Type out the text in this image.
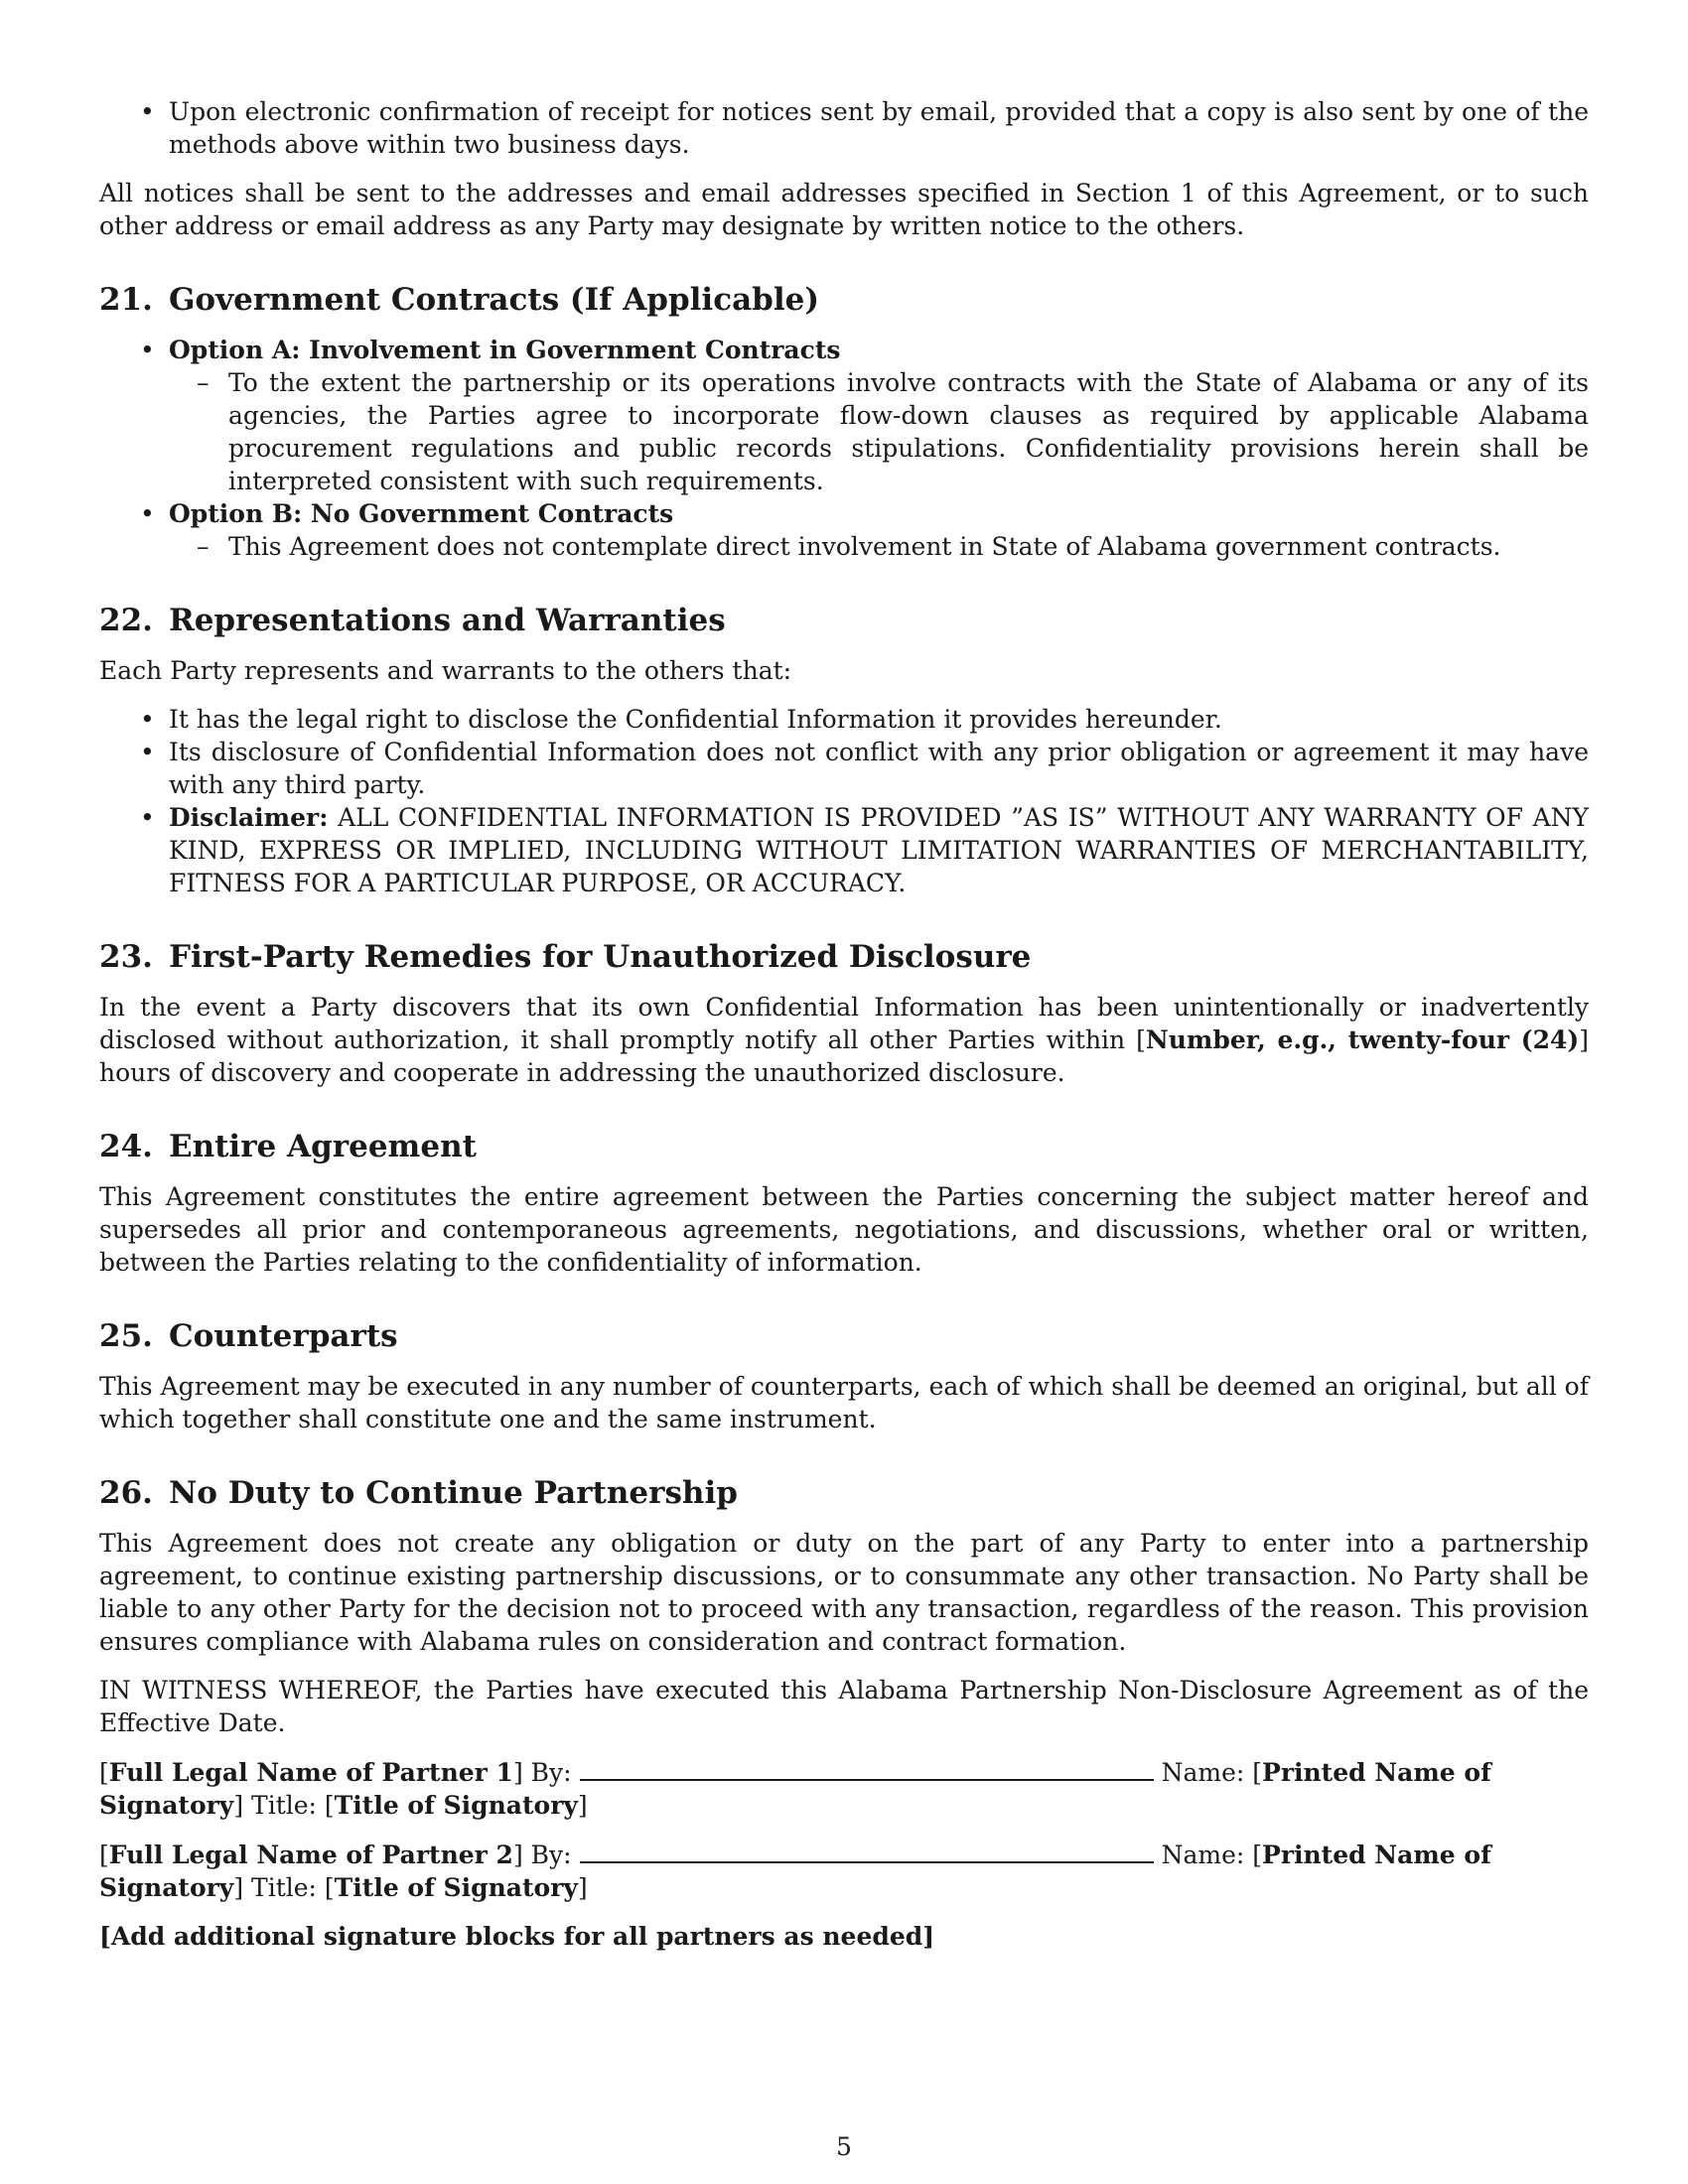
• Upon electronic confirmation of receipt for notices sent by email, provided that a copy is also sent by one of the methods above within two business days.

All notices shall be sent to the addresses and email addresses specified in Section 1 of this Agreement, or to such other address or email address as any Party may designate by written notice to the others.

21. Government Contracts (If Applicable)
• Option A: Involvement in Government Contracts
– To the extent the partnership or its operations involve contracts with the State of Alabama or any of its agencies, the Parties agree to incorporate flow-down clauses as required by applicable Alabama procurement regulations and public records stipulations. Confidentiality provisions herein shall be interpreted consistent with such requirements.
• Option B: No Government Contracts
– This Agreement does not contemplate direct involvement in State of Alabama government contracts.
22. Representations and Warranties

Each Party represents and warrants to the others that:

• It has the legal right to disclose the Confidential Information it provides hereunder.
• Its disclosure of Confidential Information does not conflict with any prior obligation or agreement it may have with any third party.
• Disclaimer: ALL CONFIDENTIAL INFORMATION IS PROVIDED ”AS IS” WITHOUT ANY WARRANTY OF ANY KIND, EXPRESS OR IMPLIED, INCLUDING WITHOUT LIMITATION WARRANTIES OF MERCHANTABILITY, FITNESS FOR A PARTICULAR PURPOSE, OR ACCURACY.
23. First-Party Remedies for Unauthorized Disclosure

In the event a Party discovers that its own Confidential Information has been unintentionally or inadvertently disclosed without authorization, it shall promptly notify all other Parties within [Number, e.g., twenty-four (24)] hours of discovery and cooperate in addressing the unauthorized disclosure.

24. Entire Agreement

This Agreement constitutes the entire agreement between the Parties concerning the subject matter hereof and supersedes all prior and contemporaneous agreements, negotiations, and discussions, whether oral or written, between the Parties relating to the confidentiality of information.

25. Counterparts

This Agreement may be executed in any number of counterparts, each of which shall be deemed an original, but all of which together shall constitute one and the same instrument.

26. No Duty to Continue Partnership

This Agreement does not create any obligation or duty on the part of any Party to enter into a partnership agreement, to continue existing partnership discussions, or to consummate any other transaction. No Party shall be liable to any other Party for the decision not to proceed with any transaction, regardless of the reason. This provision ensures compliance with Alabama rules on consideration and contract formation.

IN WITNESS WHEREOF, the Parties have executed this Alabama Partnership Non-Disclosure Agreement as of the Effective Date.

[Full Legal Name of Partner 1] By:	Name: [Printed Name of Signatory] Title: [Title of Signatory]

[Full Legal Name of Partner 2] By:	Name: [Printed Name of Signatory] Title: [Title of Signatory]

[Add additional signature blocks for all partners as needed]

5
